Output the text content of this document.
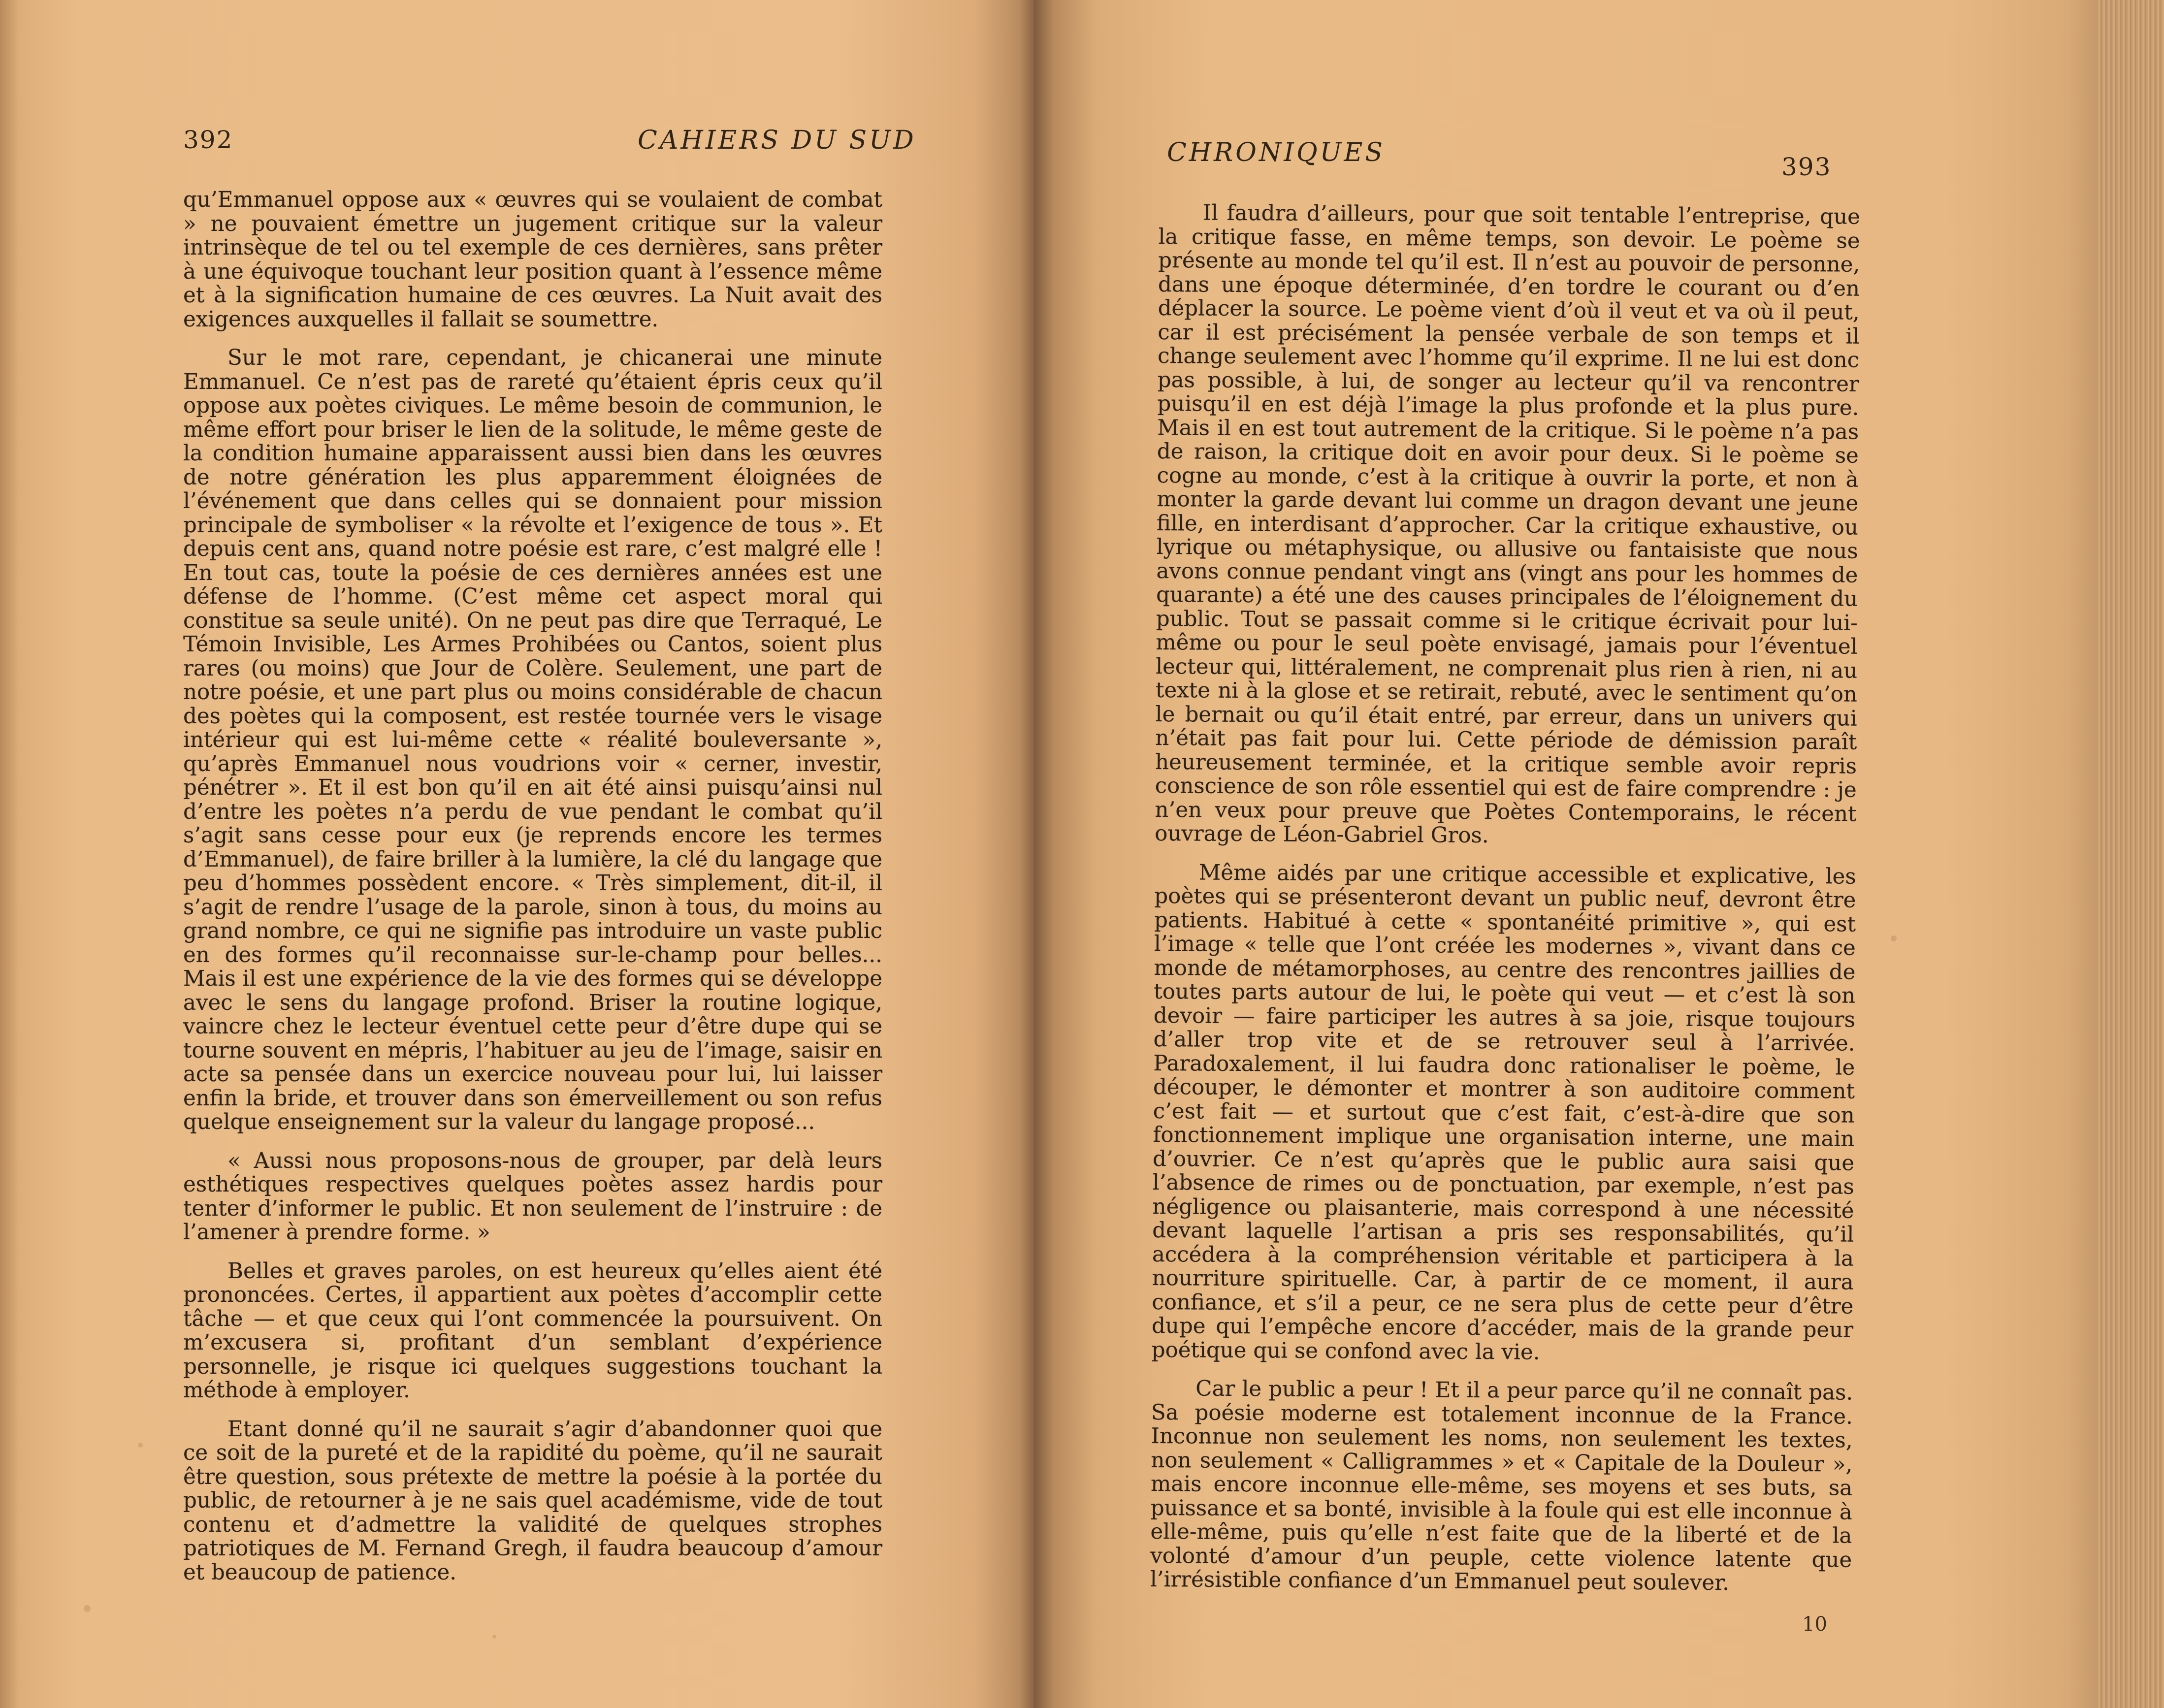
392	CAHIERS DU SUD

qu’Emmanuel oppose aux « œuvres qui se voulaient de combat » ne pouvaient émettre un jugement critique sur la valeur intrinsèque de tel ou tel exemple de ces dernières, sans prêter à une équivoque touchant leur position quant à l’essence même et à la signification humaine de ces œuvres. La Nuit avait des exigences auxquelles il fallait se soumettre.

Sur le mot rare, cependant, je chicanerai une minute Emmanuel. Ce n’est pas de rareté qu’étaient épris ceux qu’il oppose aux poètes civiques. Le même besoin de communion, le même effort pour briser le lien de la solitude, le même geste de la condition humaine apparaissent aussi bien dans les œuvres de notre génération les plus apparemment éloignées de l’événement que dans celles qui se donnaient pour mission principale de symboliser « la révolte et l’exigence de tous ». Et depuis cent ans, quand notre poésie est rare, c’est malgré elle ! En tout cas, toute la poésie de ces dernières années est une défense de l’homme. (C’est même cet aspect moral qui constitue sa seule unité). On ne peut pas dire que Terraqué, Le Témoin Invisible, Les Armes Prohibées ou Cantos, soient plus rares (ou moins) que Jour de Colère. Seulement, une part de notre poésie, et une part plus ou moins considérable de chacun des poètes qui la composent, est restée tournée vers le visage intérieur qui est lui-même cette « réalité bouleversante », qu’après Emmanuel nous voudrions voir « cerner, investir, pénétrer ». Et il est bon qu’il en ait été ainsi puisqu’ainsi nul d’entre les poètes n’a perdu de vue pendant le combat qu’il s’agit sans cesse pour eux (je reprends encore les termes d’Emmanuel), de faire briller à la lumière, la clé du langage que peu d’hommes possèdent encore. « Très simplement, dit-il, il s’agit de rendre l’usage de la parole, sinon à tous, du moins au grand nombre, ce qui ne signifie pas introduire un vaste public en des formes qu’il reconnaisse sur-le-champ pour belles... Mais il est une expérience de la vie des formes qui se développe avec le sens du langage profond. Briser la routine logique, vaincre chez le lecteur éventuel cette peur d’être dupe qui se tourne souvent en mépris, l’habituer au jeu de l’image, saisir en acte sa pensée dans un exercice nouveau pour lui, lui laisser enfin la bride, et trouver dans son émerveillement ou son refus quelque enseignement sur la valeur du langage proposé...

« Aussi nous proposons-nous de grouper, par delà leurs esthétiques respectives quelques poètes assez hardis pour tenter d’informer le public. Et non seulement de l’instruire : de l’amener à prendre forme. »

Belles et graves paroles, on est heureux qu’elles aient été prononcées. Certes, il appartient aux poètes d’accomplir cette tâche — et que ceux qui l’ont commencée la poursuivent. On m’excusera si, profitant d’un semblant d’expérience personnelle, je risque ici quelques suggestions touchant la méthode à employer.

Etant donné qu’il ne saurait s’agir d’abandonner quoi que ce soit de la pureté et de la rapidité du poème, qu’il ne saurait être question, sous prétexte de mettre la poésie à la portée du public, de retourner à je ne sais quel académisme, vide de tout contenu et d’admettre la validité de quelques strophes patriotiques de M. Fernand Gregh, il faudra beaucoup d’amour et beaucoup de patience.

CHRONIQUES	393

Il faudra d’ailleurs, pour que soit tentable l’entreprise, que la critique fasse, en même temps, son devoir. Le poème se présente au monde tel qu’il est. Il n’est au pouvoir de personne, dans une époque déterminée, d’en tordre le courant ou d’en déplacer la source. Le poème vient d’où il veut et va où il peut, car il est précisément la pensée verbale de son temps et il change seulement avec l’homme qu’il exprime. Il ne lui est donc pas possible, à lui, de songer au lecteur qu’il va rencontrer puisqu’il en est déjà l’image la plus profonde et la plus pure. Mais il en est tout autrement de la critique. Si le poème n’a pas de raison, la critique doit en avoir pour deux. Si le poème se cogne au monde, c’est à la critique à ouvrir la porte, et non à monter la garde devant lui comme un dragon devant une jeune fille, en interdisant d’approcher. Car la critique exhaustive, ou lyrique ou métaphysique, ou allusive ou fantaisiste que nous avons connue pendant vingt ans (vingt ans pour les hommes de quarante) a été une des causes principales de l’éloignement du public. Tout se passait comme si le critique écrivait pour lui-même ou pour le seul poète envisagé, jamais pour l’éventuel lecteur qui, littéralement, ne comprenait plus rien à rien, ni au texte ni à la glose et se retirait, rebuté, avec le sentiment qu’on le bernait ou qu’il était entré, par erreur, dans un univers qui n’était pas fait pour lui. Cette période de démission paraît heureusement terminée, et la critique semble avoir repris conscience de son rôle essentiel qui est de faire comprendre : je n’en veux pour preuve que Poètes Contemporains, le récent ouvrage de Léon-Gabriel Gros.

Même aidés par une critique accessible et explicative, les poètes qui se présenteront devant un public neuf, devront être patients. Habitué à cette « spontanéité primitive », qui est l’image « telle que l’ont créée les modernes », vivant dans ce monde de métamorphoses, au centre des rencontres jaillies de toutes parts autour de lui, le poète qui veut — et c’est là son devoir — faire participer les autres à sa joie, risque toujours d’aller trop vite et de se retrouver seul à l’arrivée. Paradoxalement, il lui faudra donc rationaliser le poème, le découper, le démonter et montrer à son auditoire comment c’est fait — et surtout que c’est fait, c’est-à-dire que son fonctionnement implique une organisation interne, une main d’ouvrier. Ce n’est qu’après que le public aura saisi que l’absence de rimes ou de ponctuation, par exemple, n’est pas négligence ou plaisanterie, mais correspond à une nécessité devant laquelle l’artisan a pris ses responsabilités, qu’il accédera à la compréhension véritable et participera à la nourriture spirituelle. Car, à partir de ce moment, il aura confiance, et s’il a peur, ce ne sera plus de cette peur d’être dupe qui l’empêche encore d’accéder, mais de la grande peur poétique qui se confond avec la vie.

Car le public a peur ! Et il a peur parce qu’il ne connaît pas. Sa poésie moderne est totalement inconnue de la France. Inconnue non seulement les noms, non seulement les textes, non seulement « Calligrammes » et « Capitale de la Douleur », mais encore inconnue elle-même, ses moyens et ses buts, sa puissance et sa bonté, invisible à la foule qui est elle inconnue à elle-même, puis qu’elle n’est faite que de la liberté et de la volonté d’amour d’un peuple, cette violence latente que l’irrésistible confiance d’un Emmanuel peut soulever.

10
